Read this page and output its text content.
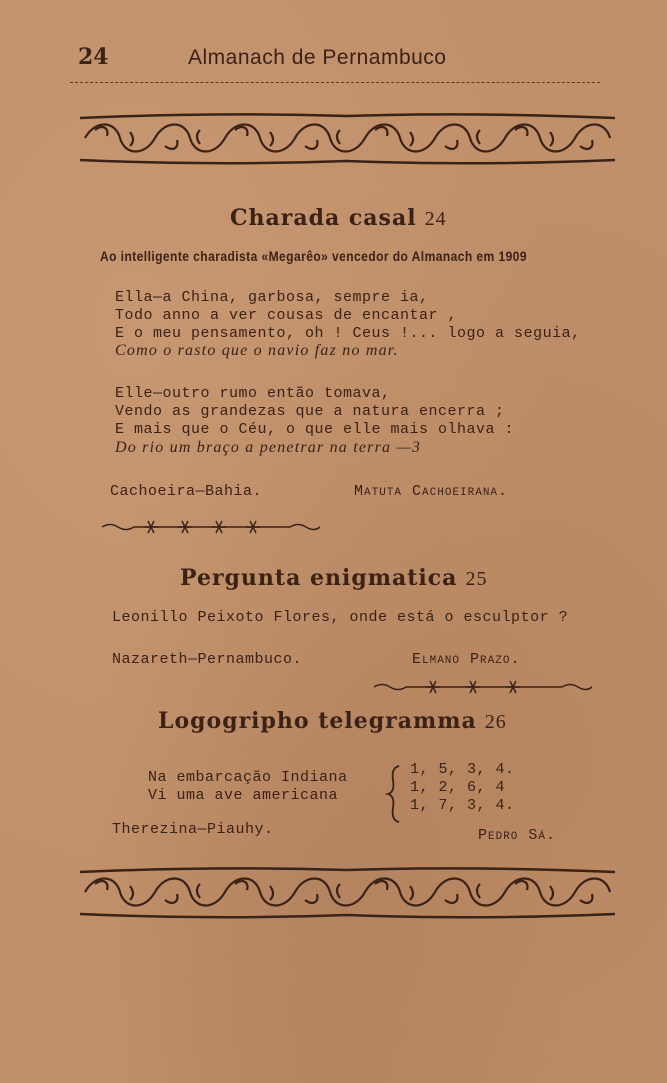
24	Almanach de Pernambuco
Charada casal 24
Ao intelligente charadista «Megarêo» vencedor do Almanach em 1909
Ella—a China, garbosa, sempre ia,
Todo anno a ver cousas de encantar ,
E o meu pensamento, oh ! Ceus !... logo a seguia,
Como o rasto que o navio faz no mar.
Elle—outro rumo então tomava,
Vendo as grandezas que a natura encerra ;
E mais que o Céu, o que elle mais olhava :
Do rio um braço a penetrar na terra —3
Cachoeira—Bahia.	Matuta Cachoeirana.
Pergunta enigmatica 25
Leonillo Peixoto Flores, onde está o esculptor ?
Nazareth—Pernambuco.	Elmano Prazo.
Logogripho telegramma 26
Na embarcação Indiana
Vi uma ave americana
1, 5, 3, 4.
1, 2, 6, 4
1, 7, 3, 4.
Therezina—Piauhy.	Pedro Sá.
